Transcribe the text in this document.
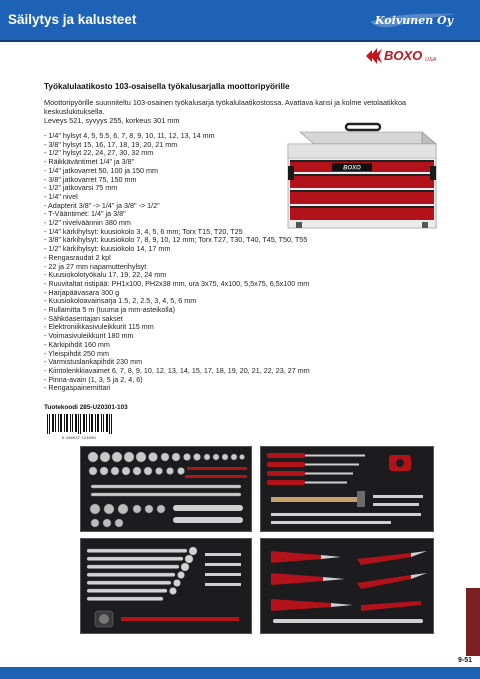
Säilytys ja kalusteet	Koivunen Oy
BOXO USA
Työkalulaatikosto 103-osaisella työkalusarjalla moottoripyörille
Moottoripyörille suunniteltu 103-osainen työkalusarja työkalulaatikostossa. Avattava kansi ja kolme vetolaatikkoa keskuslukituksella.
Leveys 521, syvyys 255, korkeus 301 mm
- 1/4" hylsyt 4, 5, 5.5, 6, 7, 8, 9, 10, 11, 12, 13, 14 mm
- 3/8" hylsyt 15, 16, 17, 18, 19, 20, 21 mm
- 1/2" hylsyt 22, 24, 27, 30, 32 mm
- Räikkäväntimet 1/4" ja 3/8"
- 1/4" jatkovarret 50, 100 ja 150 mm
- 3/8" jatkovarret 75, 150 mm
- 1/2" jatkovarsi 75 mm
- 1/4" nivel
- Adapterit 3/8" -> 1/4" ja 3/8" -> 1/2"
- T-Vääntimet: 1/4" ja 3/8"
- 1/2" nivelväännin 380 mm
- 1/4" kärkihylsyt: kuusiokolo 3, 4, 5, 6 mm; Torx T15, T20, T25
- 3/8" kärkihylsyt: kuusiokolo 7, 8, 9, 10, 12 mm; Torx T27, T30, T40, T45, T50, T55
- 1/2" kärkihylsyt: kuusiokolo 14, 17 mm
- Rengasraudat 2 kpl
- 22 ja 27 mm napamutterihylsyt
- Kuusiokolotyökalu 17, 19, 22, 24 mm
- Ruuvitaltat ristipää: PH1x100, PH2x38 mm, ura 3x75, 4x100, 5,5x75, 6,5x100 mm
- Harjapäävasara 300 g
- Kuusiokoloavainsarja 1.5, 2, 2.5, 3, 4, 5, 6 mm
- Rullamitta 5 m (tuuma ja mm-asteikolla)
- Sähköasentajan sakset
- Elektroniikkasivuleikkurit 115 mm
- Voimasivuleikkurit 180 mm
- Kärkipihdit 160 mm
- Yleispihdit 250 mm
- Varmistuslankapihdit 230 mm
- Kiintolenkkiavaimet 6, 7, 8, 9, 10, 12, 13, 14, 15, 17, 18, 19, 20, 21, 22, 23, 27 mm
- Pinna-avain (1, 3, 5 ja 2, 4, 6)
- Rengaspainemittari
BOXO
Tuotekoodi 285-U20301-103
6 438537 124080
9-51
